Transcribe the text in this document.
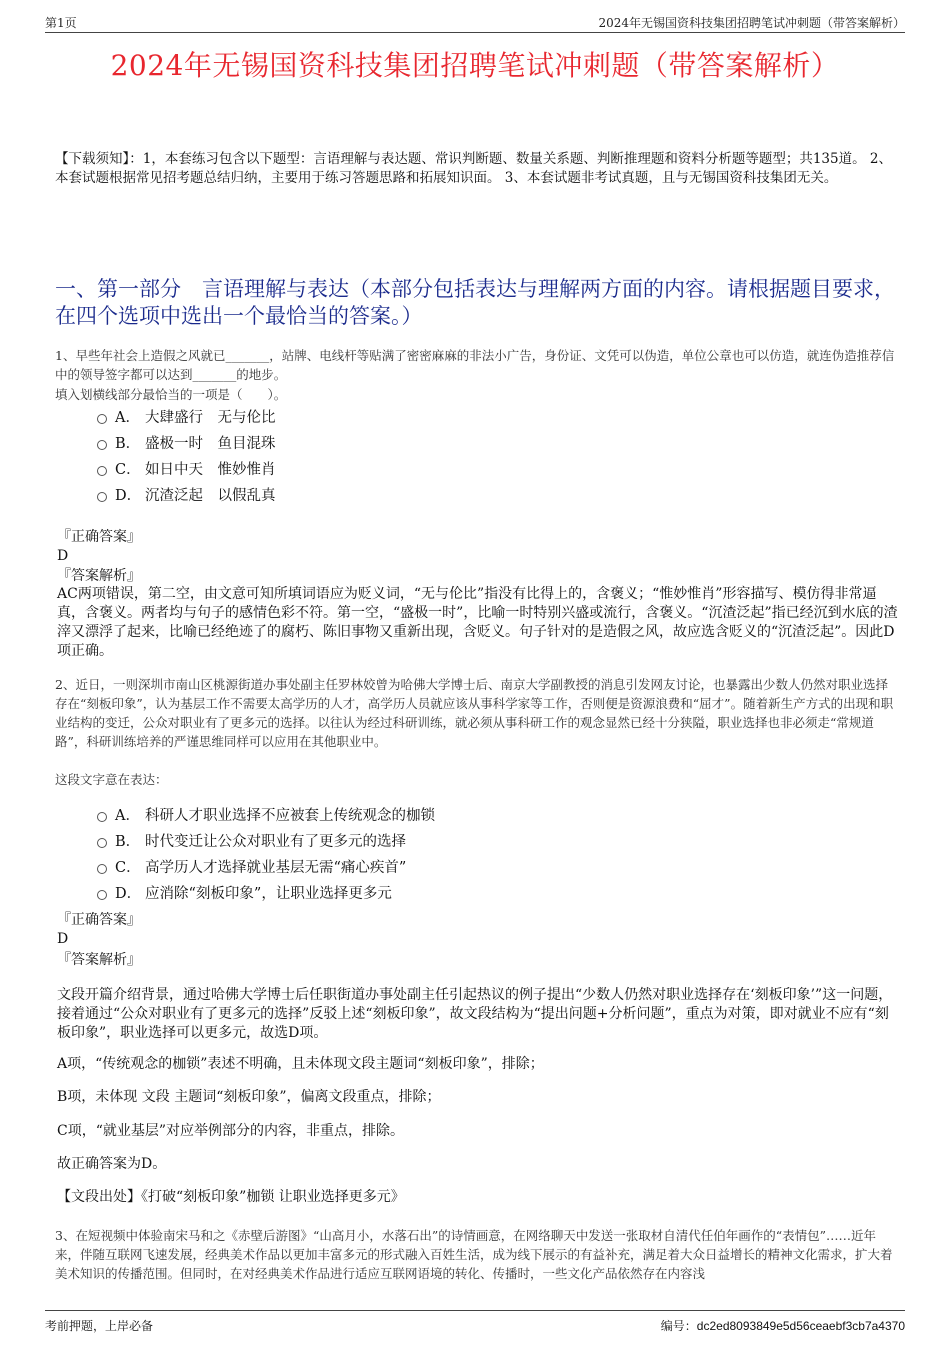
第1页	2024年无锡国资科技集团招聘笔试冲刺题（带答案解析）
2024年无锡国资科技集团招聘笔试冲刺题（带答案解析）
【下载须知】：1，本套练习包含以下题型：言语理解与表达题、常识判断题、数量关系题、判断推理题和资料分析题等题型；共135道。 2、本套试题根据常见招考题总结归纳，主要用于练习答题思路和拓展知识面。 3、本套试题非考试真题，且与无锡国资科技集团无关。
一、第一部分　言语理解与表达（本部分包括表达与理解两方面的内容。请根据题目要求，在四个选项中选出一个最恰当的答案。）
1、早些年社会上造假之风就已_______，站牌、电线杆等贴满了密密麻麻的非法小广告，身份证、文凭可以伪造，单位公章也可以仿造，就连伪造推荐信中的领导签字都可以达到_______的地步。
填入划横线部分最恰当的一项是（　　）。
A． 大肆盛行　无与伦比
B． 盛极一时　鱼目混珠
C． 如日中天　惟妙惟肖
D． 沉渣泛起　以假乱真
『正确答案』
D
『答案解析』
AC两项错误，第二空，由文意可知所填词语应为贬义词，“无与伦比”指没有比得上的，含褒义；“惟妙惟肖”形容描写、模仿得非常逼真，含褒义。两者均与句子的感情色彩不符。第一空，“盛极一时”，比喻一时特别兴盛或流行，含褒义。“沉渣泛起”指已经沉到水底的渣滓又漂浮了起来，比喻已经绝迹了的腐朽、陈旧事物又重新出现，含贬义。句子针对的是造假之风，故应选含贬义的“沉渣泛起”。因此D项正确。
2、近日，一则深圳市南山区桃源街道办事处副主任罗林姣曾为哈佛大学博士后、南京大学副教授的消息引发网友讨论，也暴露出少数人仍然对职业选择存在“刻板印象”，认为基层工作不需要太高学历的人才，高学历人员就应该从事科学家等工作，否则便是资源浪费和“屈才”。随着新生产方式的出现和职业结构的变迁，公众对职业有了更多元的选择。以往认为经过科研训练，就必须从事科研工作的观念显然已经十分狭隘，职业选择也非必须走“常规道路”，科研训练培养的严谨思维同样可以应用在其他职业中。
这段文字意在表达：
A． 科研人才职业选择不应被套上传统观念的枷锁
B． 时代变迁让公众对职业有了更多元的选择
C． 高学历人才选择就业基层无需“痛心疾首”
D． 应消除“刻板印象”，让职业选择更多元
『正确答案』
D
『答案解析』
文段开篇介绍背景，通过哈佛大学博士后任职街道办事处副主任引起热议的例子提出“少数人仍然对职业选择存在‘刻板印象’”这一问题，接着通过“公众对职业有了更多元的选择”反驳上述“刻板印象”，故文段结构为“提出问题+分析问题”，重点为对策，即对就业不应有“刻板印象”，职业选择可以更多元，故选D项。
A项，“传统观念的枷锁”表述不明确，且未体现文段主题词“刻板印象”，排除；
B项，未体现 文段 主题词“刻板印象”，偏离文段重点，排除；
C项，“就业基层”对应举例部分的内容，非重点，排除。
故正确答案为D。
【文段出处】《打破“刻板印象”枷锁 让职业选择更多元》
3、在短视频中体验南宋马和之《赤壁后游图》“山高月小，水落石出”的诗情画意，在网络聊天中发送一张取材自清代任伯年画作的“表情包”……近年来，伴随互联网飞速发展，经典美术作品以更加丰富多元的形式融入百姓生活，成为线下展示的有益补充，满足着大众日益增长的精神文化需求，扩大着美术知识的传播范围。但同时，在对经典美术作品进行适应互联网语境的转化、传播时，一些文化产品依然存在内容浅
考前押题，上岸必备	编号：dc2ed8093849e5d56ceaebf3cb7a4370
